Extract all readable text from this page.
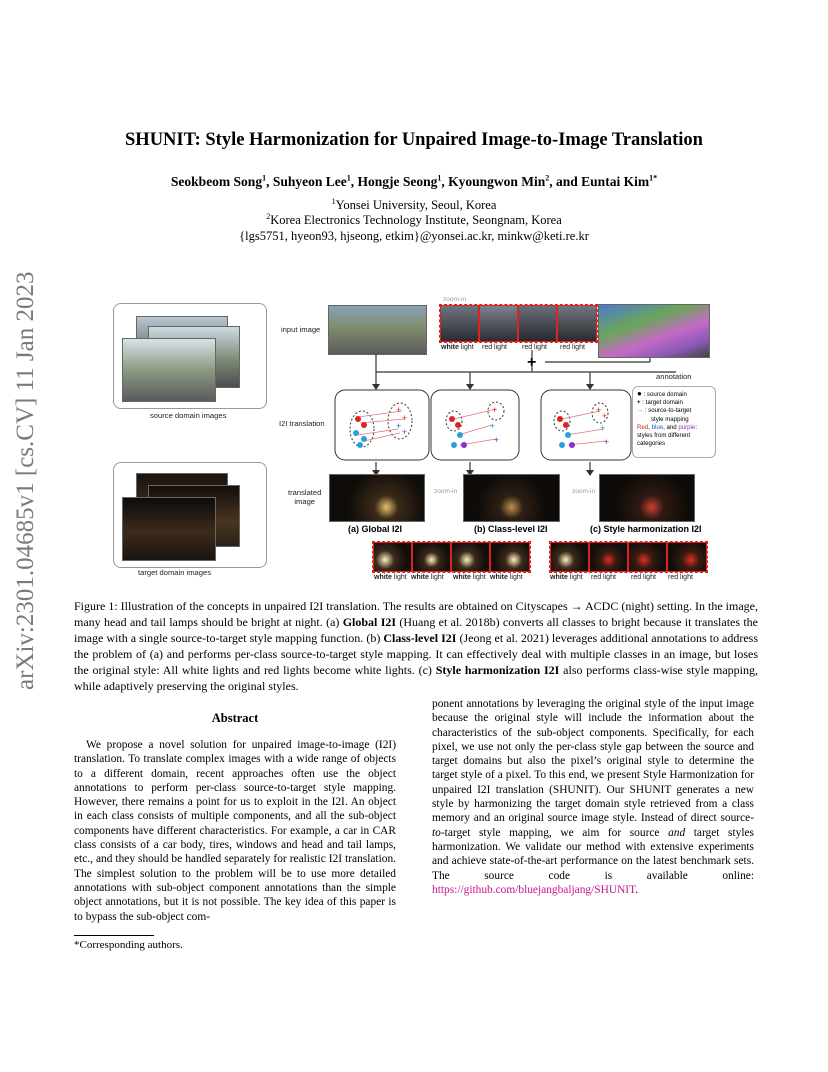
arXiv:2301.04685v1 [cs.CV] 11 Jan 2023
SHUNIT: Style Harmonization for Unpaired Image-to-Image Translation
Seokbeom Song$^1$, Suhyeon Lee$^1$, Hongje Seong$^1$, Kyoungwon Min$^2$, and Euntai Kim$^{1*}$
$^1$Yonsei University, Seoul, Korea
$^2$Korea Electronics Technology Institute, Seongnam, Korea
{lgs5751, hyeon93, hjseong, etkim}@yonsei.ac.kr, minkw@keti.re.kr
source domain images
target domain images
input image
zoom-in
white light red light red light red light
annotation
+
I2I translation
+
+
+
+
+
+
+
+
+
+
+
● : source domain
+ : target domain
→ : source-to-target
style mapping
Red, blue, and purple:
styles from different
categories
translated
image
zoom-in	zoom-in
(a) Global I2I	(b) Class-level I2I	(c) Style harmonization I2I
white light white light white light white light	white light red light red light red light
Figure 1: Illustration of the concepts in unpaired I2I translation. The results are obtained on Cityscapes → ACDC (night) setting. In the image, many head and tail lamps should be bright at night. (a) Global I2I (Huang et al. 2018b) converts all classes to bright because it translates the image with a single source-to-target style mapping function. (b) Class-level I2I (Jeong et al. 2021) leverages additional annotations to address the problem of (a) and performs per-class source-to-target style mapping. It can effectively deal with multiple classes in an image, but loses the original style: All white lights and red lights become white lights. (c) Style harmonization I2I also performs class-wise style mapping, while adaptively preserving the original styles.
Abstract
We propose a novel solution for unpaired image-to-image (I2I) translation. To translate complex images with a wide range of objects to a different domain, recent approaches often use the object annotations to perform per-class source-to-target style mapping. However, there remains a point for us to exploit in the I2I. An object in each class consists of multiple components, and all the sub-object components have different characteristics. For example, a car in CAR class consists of a car body, tires, windows and head and tail lamps, etc., and they should be handled separately for realistic I2I translation. The simplest solution to the problem will be to use more detailed annotations with sub-object component annotations than the simple object annotations, but it is not possible. The key idea of this paper is to bypass the sub-object com-
ponent annotations by leveraging the original style of the input image because the original style will include the information about the characteristics of the sub-object components. Specifically, for each pixel, we use not only the per-class style gap between the source and target domains but also the pixel’s original style to determine the target style of a pixel. To this end, we present Style Harmonization for unpaired I2I translation (SHUNIT). Our SHUNIT generates a new style by harmonizing the target domain style retrieved from a class memory and an original source image style. Instead of direct source-to-target style mapping, we aim for source and target styles harmonization. We validate our method with extensive experiments and achieve state-of-the-art performance on the latest benchmark sets. The source code is available online: https://github.com/bluejangbaljang/SHUNIT.
*Corresponding authors.
